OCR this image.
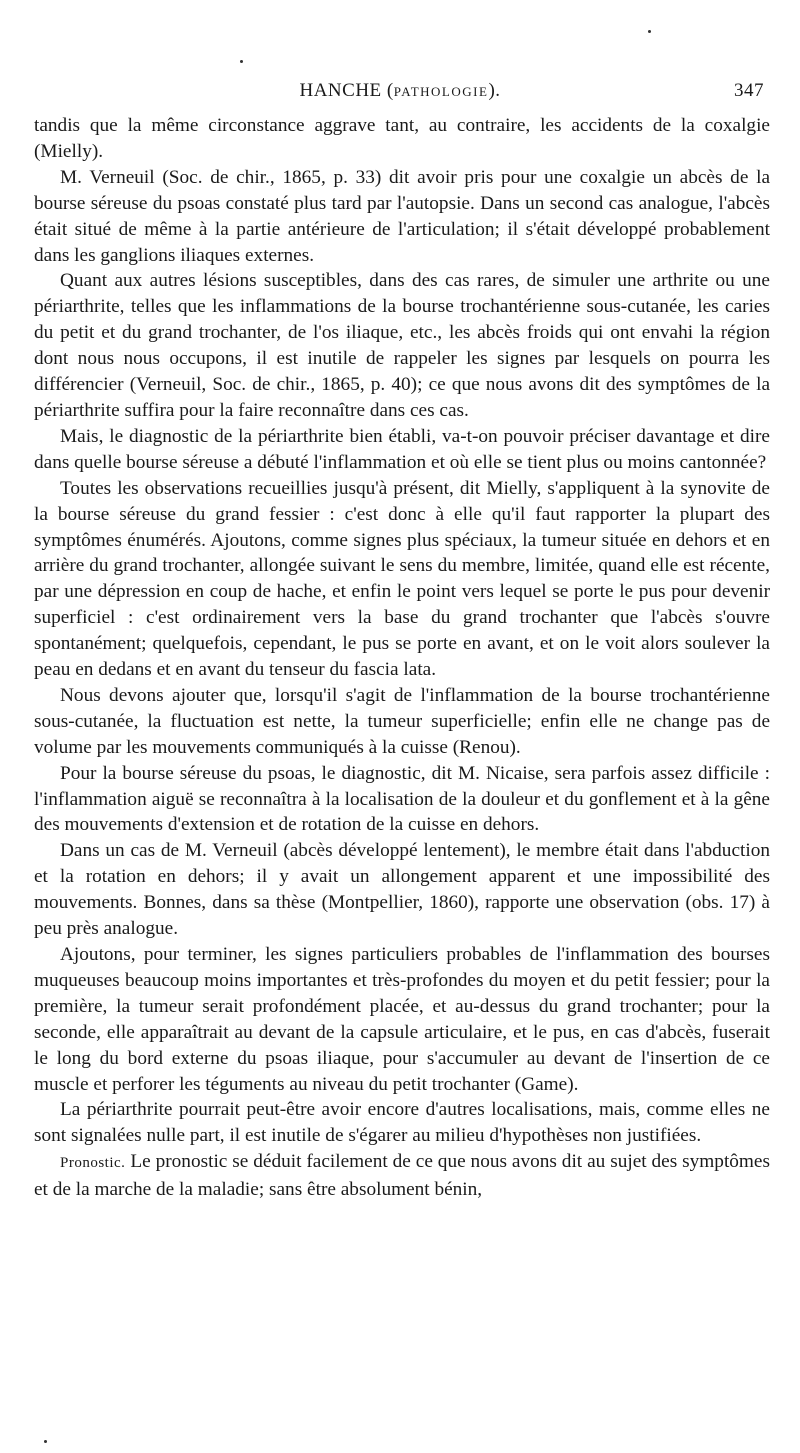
HANCHE (PATHOLOGIE).	347

tandis que la même circonstance aggrave tant, au contraire, les accidents de la coxalgie (Mielly).

M. Verneuil (Soc. de chir., 1865, p. 33) dit avoir pris pour une coxalgie un abcès de la bourse séreuse du psoas constaté plus tard par l'autopsie. Dans un second cas analogue, l'abcès était situé de même à la partie antérieure de l'articulation; il s'était développé probablement dans les ganglions iliaques externes.

Quant aux autres lésions susceptibles, dans des cas rares, de simuler une arthrite ou une périarthrite, telles que les inflammations de la bourse trochantérienne sous-cutanée, les caries du petit et du grand trochanter, de l'os iliaque, etc., les abcès froids qui ont envahi la région dont nous nous occupons, il est inutile de rappeler les signes par lesquels on pourra les différencier (Verneuil, Soc. de chir., 1865, p. 40); ce que nous avons dit des symptômes de la périarthrite suffira pour la faire reconnaître dans ces cas.

Mais, le diagnostic de la périarthrite bien établi, va-t-on pouvoir préciser davantage et dire dans quelle bourse séreuse a débuté l'inflammation et où elle se tient plus ou moins cantonnée?

Toutes les observations recueillies jusqu'à présent, dit Mielly, s'appliquent à la synovite de la bourse séreuse du grand fessier : c'est donc à elle qu'il faut rapporter la plupart des symptômes énumérés. Ajoutons, comme signes plus spéciaux, la tumeur située en dehors et en arrière du grand trochanter, allongée suivant le sens du membre, limitée, quand elle est récente, par une dépression en coup de hache, et enfin le point vers lequel se porte le pus pour devenir superficiel : c'est ordinairement vers la base du grand trochanter que l'abcès s'ouvre spontanément; quelquefois, cependant, le pus se porte en avant, et on le voit alors soulever la peau en dedans et en avant du tenseur du fascia lata.

Nous devons ajouter que, lorsqu'il s'agit de l'inflammation de la bourse trochantérienne sous-cutanée, la fluctuation est nette, la tumeur superficielle; enfin elle ne change pas de volume par les mouvements communiqués à la cuisse (Renou).

Pour la bourse séreuse du psoas, le diagnostic, dit M. Nicaise, sera parfois assez difficile : l'inflammation aiguë se reconnaîtra à la localisation de la douleur et du gonflement et à la gêne des mouvements d'extension et de rotation de la cuisse en dehors.

Dans un cas de M. Verneuil (abcès développé lentement), le membre était dans l'abduction et la rotation en dehors; il y avait un allongement apparent et une impossibilité des mouvements. Bonnes, dans sa thèse (Montpellier, 1860), rapporte une observation (obs. 17) à peu près analogue.

Ajoutons, pour terminer, les signes particuliers probables de l'inflammation des bourses muqueuses beaucoup moins importantes et très-profondes du moyen et du petit fessier; pour la première, la tumeur serait profondément placée, et au-dessus du grand trochanter; pour la seconde, elle apparaîtrait au devant de la capsule articulaire, et le pus, en cas d'abcès, fuserait le long du bord externe du psoas iliaque, pour s'accumuler au devant de l'insertion de ce muscle et perforer les téguments au niveau du petit trochanter (Game).

La périarthrite pourrait peut-être avoir encore d'autres localisations, mais, comme elles ne sont signalées nulle part, il est inutile de s'égarer au milieu d'hypothèses non justifiées.

Pronostic. Le pronostic se déduit facilement de ce que nous avons dit au sujet des symptômes et de la marche de la maladie; sans être absolument bénin,
